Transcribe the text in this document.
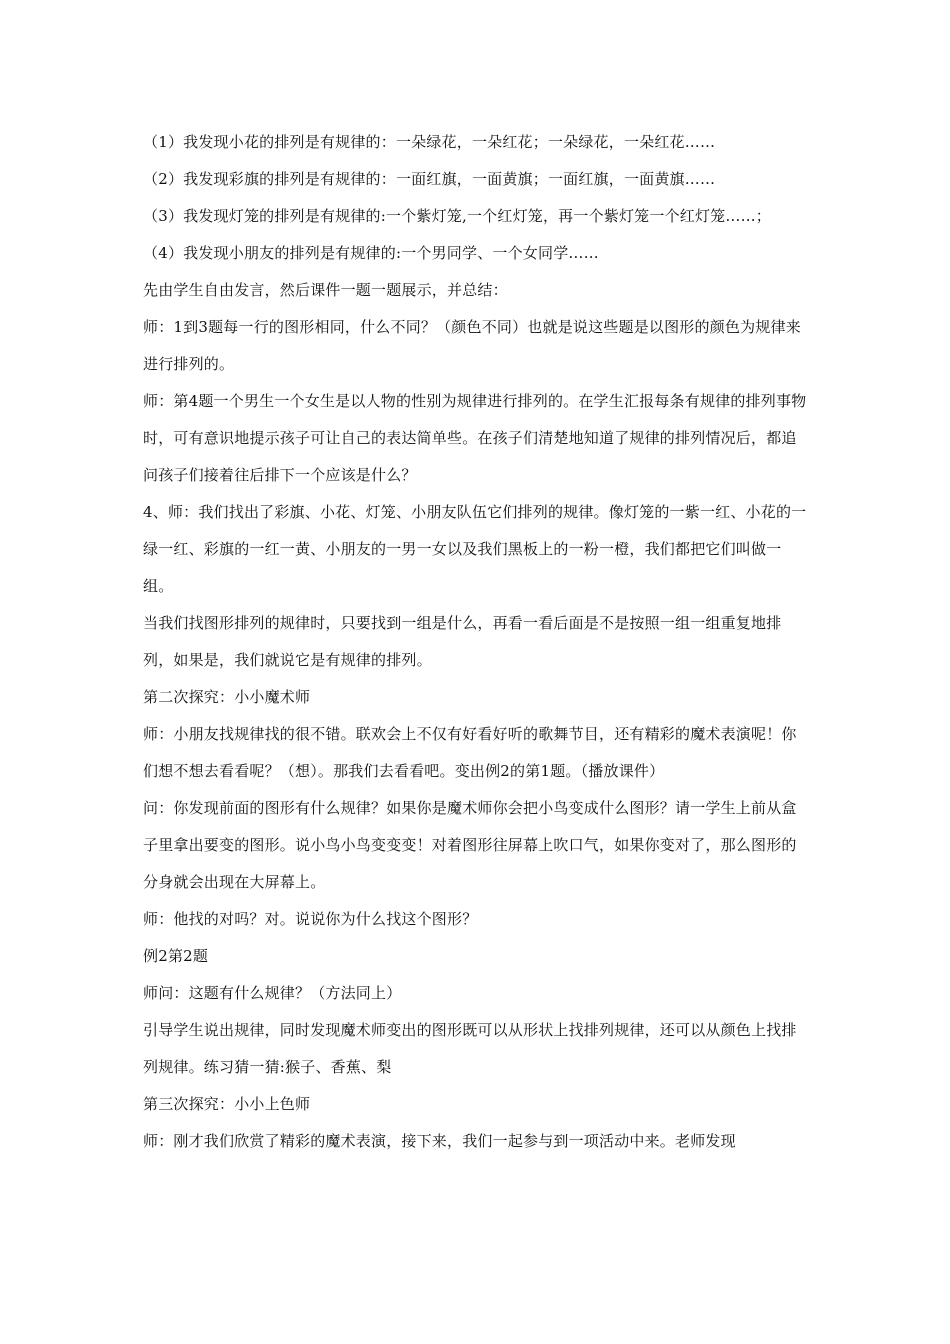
（1）我发现小花的排列是有规律的：一朵绿花，一朵红花；一朵绿花，一朵红花……

（2）我发现彩旗的排列是有规律的：一面红旗，一面黄旗；一面红旗，一面黄旗……

（3）我发现灯笼的排列是有规律的:一个紫灯笼,一个红灯笼，再一个紫灯笼一个红灯笼……；

（4）我发现小朋友的排列是有规律的:一个男同学、一个女同学……

先由学生自由发言，然后课件一题一题展示，并总结：

师：1到3题每一行的图形相同，什么不同？（颜色不同）也就是说这些题是以图形的颜色为规律来进行排列的。

师：第4题一个男生一个女生是以人物的性别为规律进行排列的。在学生汇报每条有规律的排列事物时，可有意识地提示孩子可让自己的表达简单些。在孩子们清楚地知道了规律的排列情况后，都追问孩子们接着往后排下一个应该是什么？

4、师：我们找出了彩旗、小花、灯笼、小朋友队伍它们排列的规律。像灯笼的一紫一红、小花的一绿一红、彩旗的一红一黄、小朋友的一男一女以及我们黑板上的一粉一橙，我们都把它们叫做一组。

当我们找图形排列的规律时，只要找到一组是什么，再看一看后面是不是按照一组一组重复地排列，如果是，我们就说它是有规律的排列。

第二次探究：小小魔术师

师：小朋友找规律找的很不错。联欢会上不仅有好看好听的歌舞节目，还有精彩的魔术表演呢！你们想不想去看看呢？（想）。那我们去看看吧。变出例2的第1题。（播放课件）

问：你发现前面的图形有什么规律？如果你是魔术师你会把小鸟变成什么图形？请一学生上前从盒子里拿出要变的图形。说小鸟小鸟变变变！对着图形往屏幕上吹口气，如果你变对了，那么图形的分身就会出现在大屏幕上。

师：他找的对吗？对。说说你为什么找这个图形？

例2第2题

师问：这题有什么规律？（方法同上）

引导学生说出规律，同时发现魔术师变出的图形既可以从形状上找排列规律，还可以从颜色上找排列规律。练习猜一猜:猴子、香蕉、梨

第三次探究：小小上色师

师：刚才我们欣赏了精彩的魔术表演，接下来，我们一起参与到一项活动中来。老师发现
